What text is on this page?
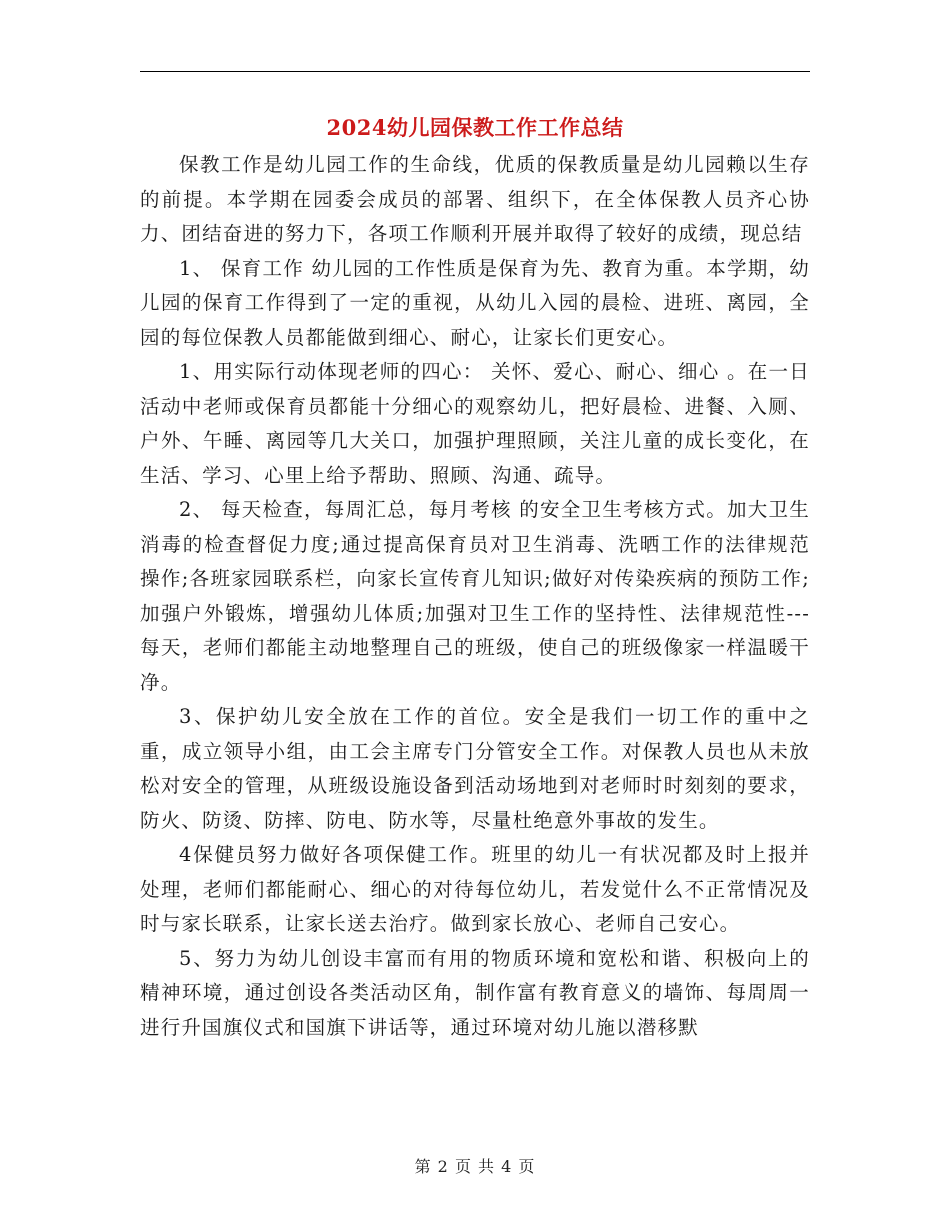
2024幼儿园保教工作工作总结

保教工作是幼儿园工作的生命线，优质的保教质量是幼儿园赖以生存的前提。本学期在园委会成员的部署、组织下，在全体保教人员齐心协力、团结奋进的努力下，各项工作顺利开展并取得了较好的成绩，现总结

1、 保育工作 幼儿园的工作性质是保育为先、教育为重。本学期，幼儿园的保育工作得到了一定的重视，从幼儿入园的晨检、进班、离园，全园的每位保教人员都能做到细心、耐心，让家长们更安心。

1、用实际行动体现老师的四心： 关怀、爱心、耐心、细心 。在一日活动中老师或保育员都能十分细心的观察幼儿，把好晨检、进餐、入厕、户外、午睡、离园等几大关口，加强护理照顾，关注儿童的成长变化，在生活、学习、心里上给予帮助、照顾、沟通、疏导。

2、 每天检查，每周汇总，每月考核 的安全卫生考核方式。加大卫生消毒的检查督促力度;通过提高保育员对卫生消毒、洗晒工作的法律规范操作;各班家园联系栏，向家长宣传育儿知识;做好对传染疾病的预防工作;加强户外锻炼，增强幼儿体质;加强对卫生工作的坚持性、法律规范性---每天，老师们都能主动地整理自己的班级，使自己的班级像家一样温暖干净。

3、保护幼儿安全放在工作的首位。安全是我们一切工作的重中之重，成立领导小组，由工会主席专门分管安全工作。对保教人员也从未放松对安全的管理，从班级设施设备到活动场地到对老师时时刻刻的要求，防火、防烫、防摔、防电、防水等，尽量杜绝意外事故的发生。

4保健员努力做好各项保健工作。班里的幼儿一有状况都及时上报并处理，老师们都能耐心、细心的对待每位幼儿，若发觉什么不正常情况及时与家长联系，让家长送去治疗。做到家长放心、老师自己安心。

5、努力为幼儿创设丰富而有用的物质环境和宽松和谐、积极向上的精神环境，通过创设各类活动区角，制作富有教育意义的墙饰、每周周一进行升国旗仪式和国旗下讲话等，通过环境对幼儿施以潜移默

第 2 页 共 4 页
